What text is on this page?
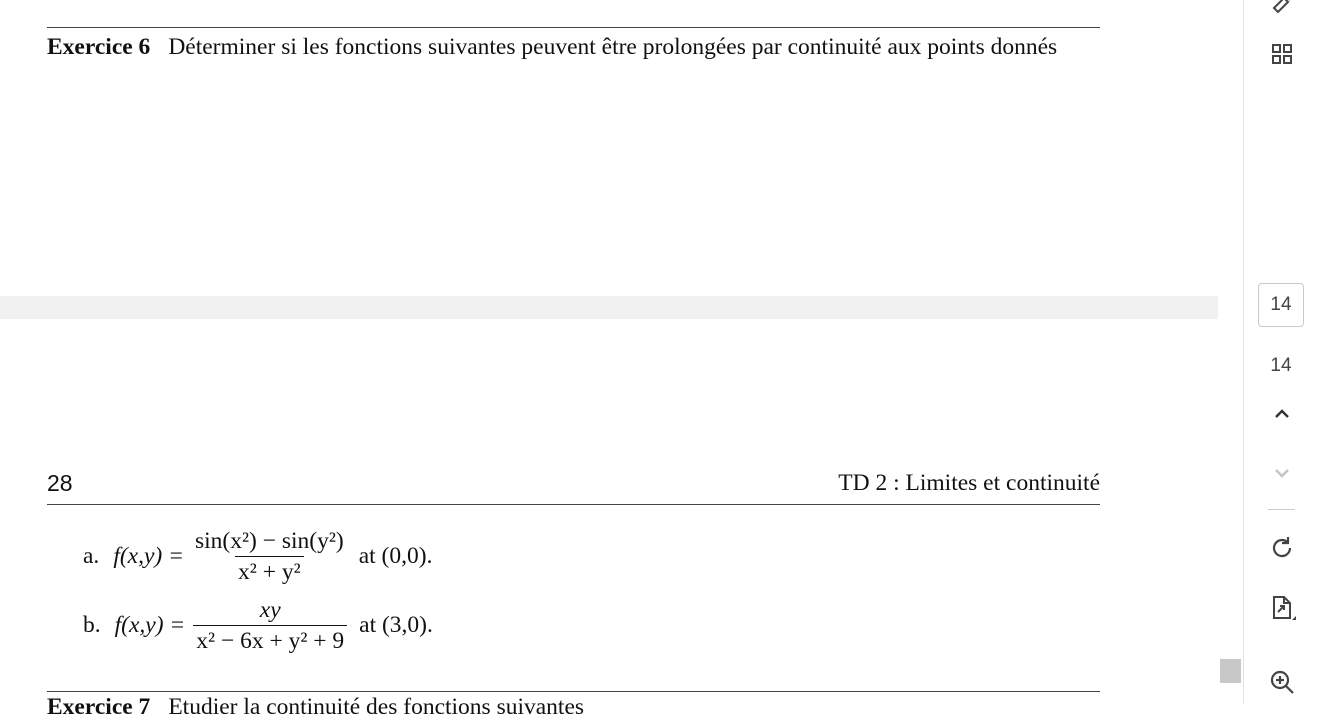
Exercice 6 Déterminer si les fonctions suivantes peuvent être prolongées par continuité aux points donnés
28	TD 2 : Limites et continuité
a. $f(x,y) = \frac{\text{sin(x²) − sin(y²)}}{\text{x² + y²}}$ at (0,0).
b. $f(x,y) = \frac{xy}{\text{x² − 6x + y² + 9}}$ at (3,0).
Exercice 7 Etudier la continuité des fonctions suivantes
14
14
